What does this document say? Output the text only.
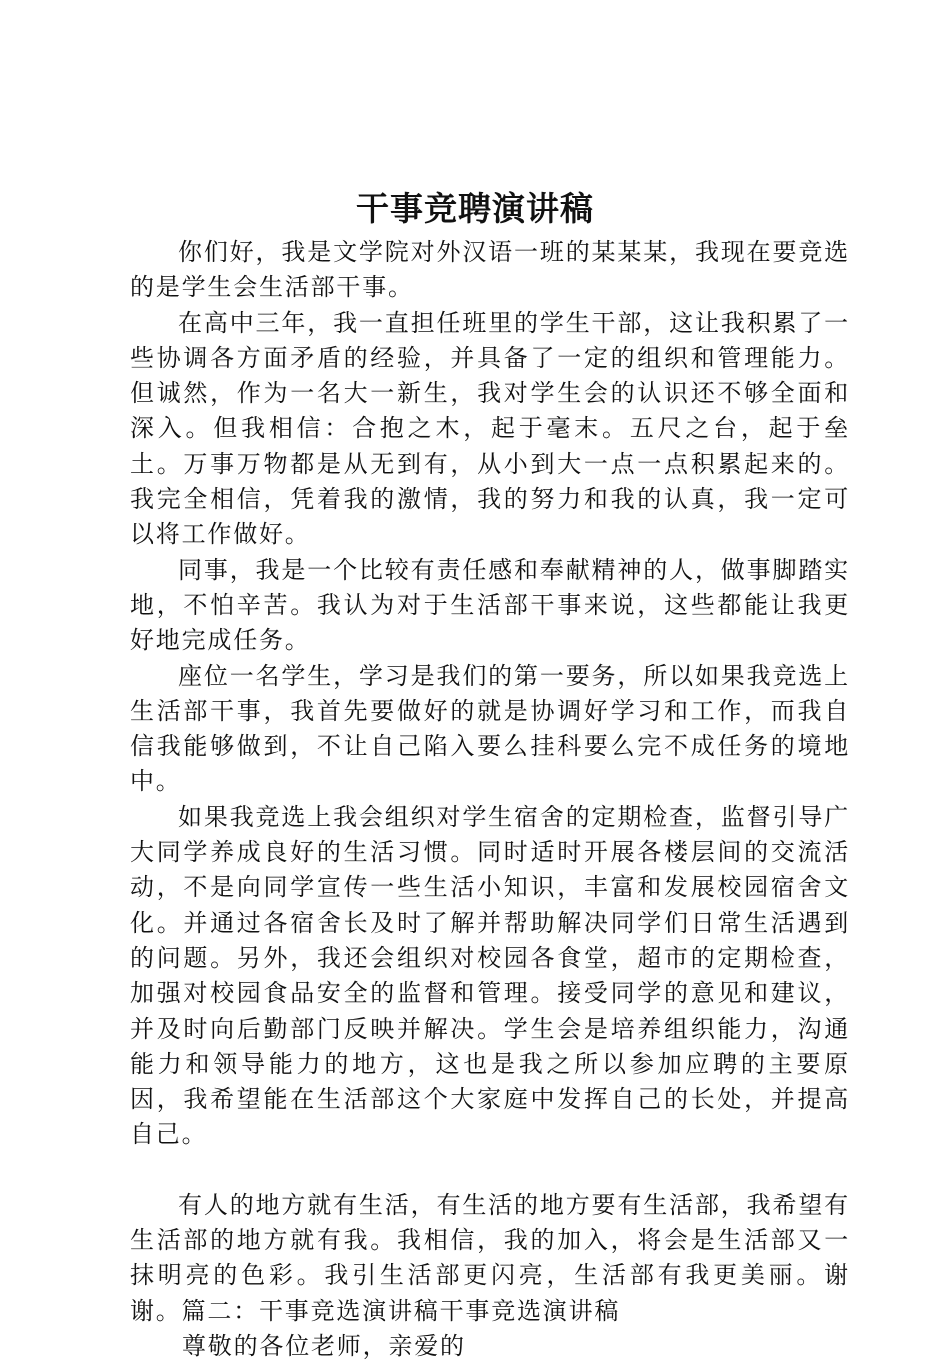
干事竞聘演讲稿

你们好，我是文学院对外汉语一班的某某某，我现在要竞选的是学生会生活部干事。

在高中三年，我一直担任班里的学生干部，这让我积累了一些协调各方面矛盾的经验，并具备了一定的组织和管理能力。但诚然，作为一名大一新生，我对学生会的认识还不够全面和深入。但我相信：合抱之木，起于毫末。五尺之台，起于垒土。万事万物都是从无到有，从小到大一点一点积累起来的。我完全相信，凭着我的激情，我的努力和我的认真，我一定可以将工作做好。

同事，我是一个比较有责任感和奉献精神的人，做事脚踏实地，不怕辛苦。我认为对于生活部干事来说，这些都能让我更好地完成任务。

座位一名学生，学习是我们的第一要务，所以如果我竞选上生活部干事，我首先要做好的就是协调好学习和工作，而我自信我能够做到，不让自己陷入要么挂科要么完不成任务的境地中。

如果我竞选上我会组织对学生宿舍的定期检查，监督引导广大同学养成良好的生活习惯。同时适时开展各楼层间的交流活动，不是向同学宣传一些生活小知识，丰富和发展校园宿舍文化。并通过各宿舍长及时了解并帮助解决同学们日常生活遇到的问题。另外，我还会组织对校园各食堂，超市的定期检查，加强对校园食品安全的监督和管理。接受同学的意见和建议，并及时向后勤部门反映并解决。学生会是培养组织能力，沟通能力和领导能力的地方，这也是我之所以参加应聘的主要原因，我希望能在生活部这个大家庭中发挥自己的长处，并提高自己。

有人的地方就有生活，有生活的地方要有生活部，我希望有生活部的地方就有我。我相信，我的加入，将会是生活部又一抹明亮的色彩。我引生活部更闪亮，生活部有我更美丽。谢谢。篇二：干事竞选演讲稿干事竞选演讲稿

尊敬的各位老师，亲爱的
